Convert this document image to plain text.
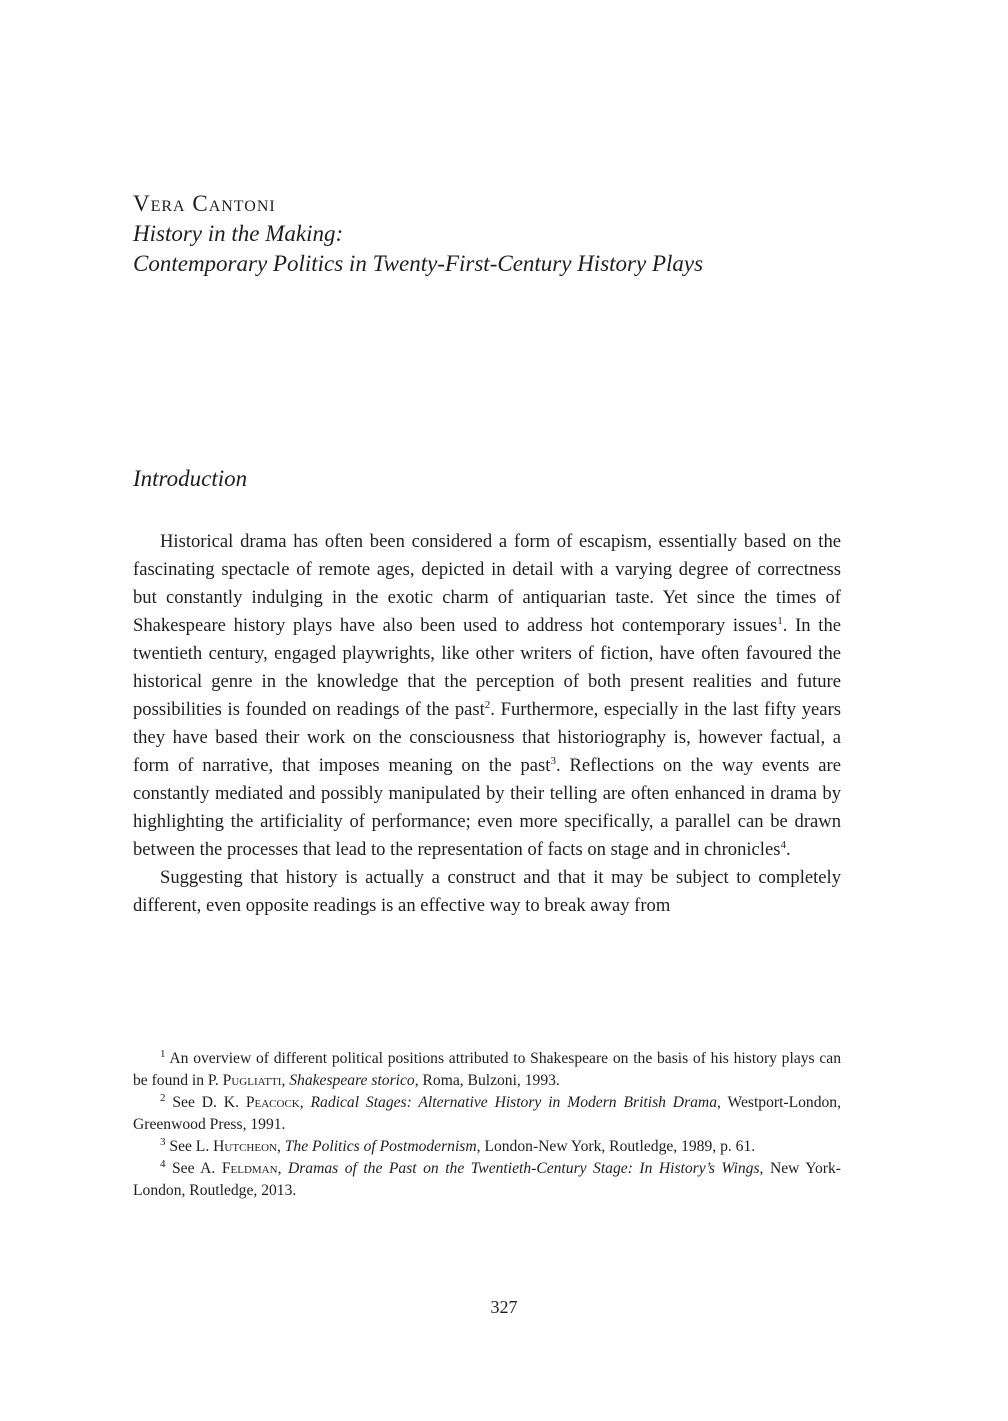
Vera Cantoni
History in the Making:
Contemporary Politics in Twenty-First-Century History Plays
Introduction

Historical drama has often been considered a form of escapism, essentially based on the fascinating spectacle of remote ages, depicted in detail with a varying degree of correctness but constantly indulging in the exotic charm of antiquarian taste. Yet since the times of Shakespeare history plays have also been used to address hot contemporary issues$^1$. In the twentieth century, engaged playwrights, like other writers of fiction, have often favoured the historical genre in the knowledge that the perception of both present realities and future possibilities is founded on readings of the past$^2$. Furthermore, especially in the last fifty years they have based their work on the consciousness that historiography is, however factual, a form of narrative, that imposes meaning on the past$^3$. Reflections on the way events are constantly mediated and possibly manipulated by their telling are often enhanced in drama by highlighting the artificiality of performance; even more specifically, a parallel can be drawn between the processes that lead to the representation of facts on stage and in chronicles$^4$.

Suggesting that history is actually a construct and that it may be subject to completely different, even opposite readings is an effective way to break away from

$^1$ An overview of different political positions attributed to Shakespeare on the basis of his history plays can be found in P. Pugliatti, Shakespeare storico, Roma, Bulzoni, 1993.

$^2$ See D. K. Peacock, Radical Stages: Alternative History in Modern British Drama, Westport-London, Greenwood Press, 1991.

$^3$ See L. Hutcheon, The Politics of Postmodernism, London-New York, Routledge, 1989, p. 61.

$^4$ See A. Feldman, Dramas of the Past on the Twentieth-Century Stage: In History’s Wings, New York-London, Routledge, 2013.

327
